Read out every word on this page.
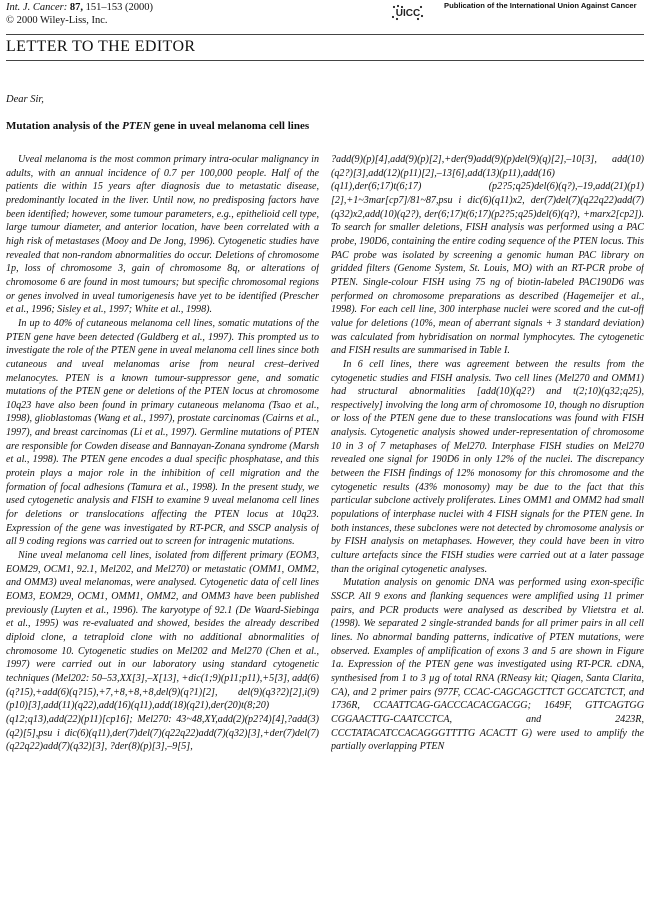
Int. J. Cancer: 87, 151–153 (2000)
© 2000 Wiley-Liss, Inc.
UICC
Publication of the International Union Against Cancer
LETTER TO THE EDITOR
Dear Sir,
Mutation analysis of the PTEN gene in uveal melanoma cell lines

Uveal melanoma is the most common primary intra-ocular malignancy in adults, with an annual incidence of 0.7 per 100,000 people. Half of the patients die within 15 years after diagnosis due to metastatic disease, predominantly located in the liver. Until now, no predisposing factors have been identified; however, some tumour parameters, e.g., epithelioid cell type, large tumour diameter, and anterior location, have been correlated with a high risk of metastases (Mooy and De Jong, 1996). Cytogenetic studies have revealed that non-random abnormalities do occur. Deletions of chromosome 1p, loss of chromosome 3, gain of chromosome 8q, or alterations of chromosome 6 are found in most tumours; but specific chromosomal regions or genes involved in uveal tumorigenesis have yet to be identified (Prescher et al., 1996; Sisley et al., 1997; White et al., 1998).

In up to 40% of cutaneous melanoma cell lines, somatic mutations of the PTEN gene have been detected (Guldberg et al., 1997). This prompted us to investigate the role of the PTEN gene in uveal melanoma cell lines since both cutaneous and uveal melanomas arise from neural crest–derived melanocytes. PTEN is a known tumour-suppressor gene, and somatic mutations of the PTEN gene or deletions of the PTEN locus at chromosome 10q23 have also been found in primary cutaneous melanoma (Tsao et al., 1998), glioblastomas (Wang et al., 1997), prostate carcinomas (Cairns et al., 1997), and breast carcinomas (Li et al., 1997). Germline mutations of PTEN are responsible for Cowden disease and Bannayan-Zonana syndrome (Marsh et al., 1998). The PTEN gene encodes a dual specific phosphatase, and this protein plays a major role in the inhibition of cell migration and the formation of focal adhesions (Tamura et al., 1998). In the present study, we used cytogenetic analysis and FISH to examine 9 uveal melanoma cell lines for deletions or translocations affecting the PTEN locus at 10q23. Expression of the gene was investigated by RT-PCR, and SSCP analysis of all 9 coding regions was carried out to screen for intragenic mutations.

Nine uveal melanoma cell lines, isolated from different primary (EOM3, EOM29, OCM1, 92.1, Mel202, and Mel270) or metastatic (OMM1, OMM2, and OMM3) uveal melanomas, were analysed. Cytogenetic data of cell lines EOM3, EOM29, OCM1, OMM1, OMM2, and OMM3 have been published previously (Luyten et al., 1996). The karyotype of 92.1 (De Waard-Siebinga et al., 1995) was re-evaluated and showed, besides the already described diploid clone, a tetraploid clone with no additional abnormalities of chromosome 10. Cytogenetic studies on Mel202 and Mel270 (Chen et al., 1997) were carried out in our laboratory using standard cytogenetic techniques (Mel202: 50–53,XX[3],–X[13], +dic(1;9)(p11;p11),+5[3], add(6)(q?15),+add(6)(q?15),+7,+8,+8,+8,del(9)(q?1)[2], del(9)(q3?2)[2],i(9)(p10)[3],add(11)(q22),add(16)(q11),add(18)(q21),der(20)t(8;20) (q12;q13),add(22)(p11)[cp16]; Mel270: 43~48,XY,add(2)(p2?4)[4],?add(3)(q2)[5],psu i dic(6)(q11),der(7)del(7)(q22q22)add(7)(q32)[3],+der(7)del(7)(q22q22)add(7)(q32)[3], ?der(8)(p)[3],–9[5],

?add(9)(p)[4],add(9)(p)[2],+der(9)add(9)(p)del(9)(q)[2],–10[3], add(10)(q2?)[3],add(12)(p11)[2],–13[6],add(13)(p11),add(16)(q11),der(6;17)t(6;17) (p2?5;q25)del(6)(q?),–19,add(21)(p1)[2],+1~3mar[cp7]/81~87,psu i dic(6)(q11)x2, der(7)del(7)(q22q22)add(7)(q32)x2,add(10)(q2?), der(6;17)t(6;17)(p2?5;q25)del(6)(q?), +marx2[cp2]). To search for smaller deletions, FISH analysis was performed using a PAC probe, 190D6, containing the entire coding sequence of the PTEN locus. This PAC probe was isolated by screening a genomic human PAC library on gridded filters (Genome System, St. Louis, MO) with an RT-PCR probe of PTEN. Single-colour FISH using 75 ng of biotin-labeled PAC190D6 was performed on chromosome preparations as described (Hagemeijer et al., 1998). For each cell line, 300 interphase nuclei were scored and the cut-off value for deletions (10%, mean of aberrant signals + 3 standard deviation) was calculated from hybridisation on normal lymphocytes. The cytogenetic and FISH results are summarised in Table I.

In 6 cell lines, there was agreement between the results from the cytogenetic studies and FISH analysis. Two cell lines (Mel270 and OMM1) had structural abnormalities [add(10)(q2?) and t(2;10)(q32;q25), respectively] involving the long arm of chromosome 10, though no disruption or loss of the PTEN gene due to these translocations was found with FISH analysis. Cytogenetic analysis showed under-representation of chromosome 10 in 3 of 7 metaphases of Mel270. Interphase FISH studies on Mel270 revealed one signal for 190D6 in only 12% of the nuclei. The discrepancy between the FISH findings of 12% monosomy for this chromosome and the cytogenetic results (43% monosomy) may be due to the fact that this particular subclone actively proliferates. Lines OMM1 and OMM2 had small populations of interphase nuclei with 4 FISH signals for the PTEN gene. In both instances, these subclones were not detected by chromosome analysis or by FISH analysis on metaphases. However, they could have been in vitro culture artefacts since the FISH studies were carried out at a later passage than the original cytogenetic analyses.

Mutation analysis on genomic DNA was performed using exon-specific SSCP. All 9 exons and flanking sequences were amplified using 11 primer pairs, and PCR products were analysed as described by Vlietstra et al. (1998). We separated 2 single-stranded bands for all primer pairs in all cell lines. No abnormal banding patterns, indicative of PTEN mutations, were observed. Examples of amplification of exons 3 and 5 are shown in Figure 1a. Expression of the PTEN gene was investigated using RT-PCR. cDNA, synthesised from 1 to 3 µg of total RNA (RNeasy kit; Qiagen, Santa Clarita, CA), and 2 primer pairs (977F, CCAC-CAGCAGCTTCT GCCATCTCT, and 1736R, CCAATTCAG-GACCCACACGACGG; 1649F, GTTCAGTGG CGGAACTTG-CAATCCTCA, and 2423R, CCCTATACATCCACAGGGTTTTG ACACTT G) were used to amplify the partially overlapping PTEN
